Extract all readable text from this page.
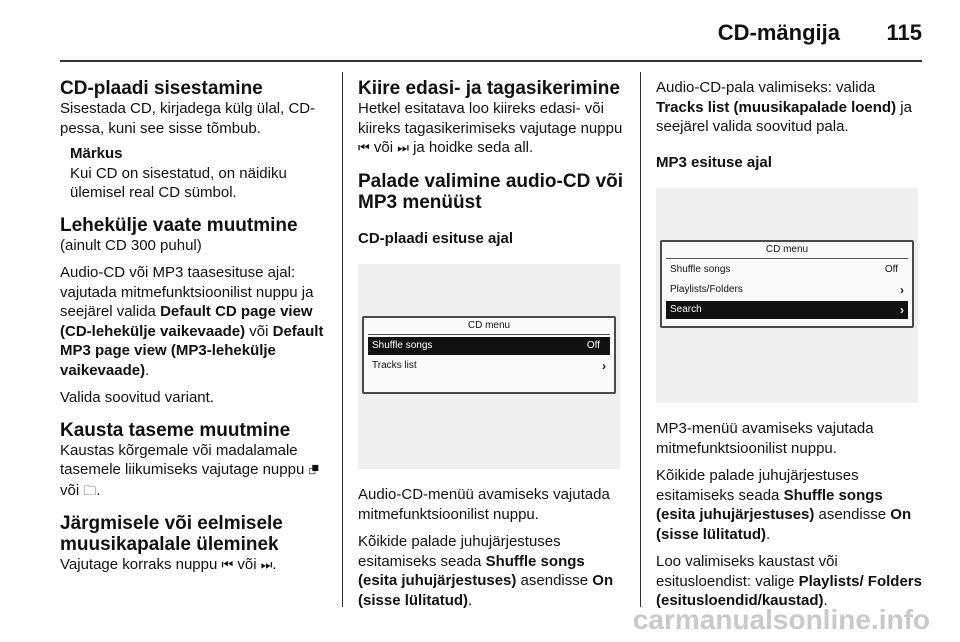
CD-mängija 115
CD-plaadi sisestamine

Sisestada CD, kirjadega külg ülal, CD-pessa, kuni see sisse tõmbub.

Märkus
Kui CD on sisestatud, on näidiku ülemisel real CD sümbol.
Lehekülje vaate muutmine

(ainult CD 300 puhul)

Audio-CD või MP3 taasesituse ajal: vajutada mitmefunktsioonilist nuppu ja seejärel valida Default CD page view (CD-lehekülje vaikevaade) või Default MP3 page view (MP3-lehekülje vaikevaade).

Valida soovitud variant.

Kausta taseme muutmine

Kaustas kõrgemale või madalamale tasemele liikumiseks vajutage nuppu ⮻ või 🗀.

Järgmisele või eelmisele muusikapalale üleminek

Vajutage korraks nuppu ⏮ või ⏭.

Kiire edasi- ja tagasikerimine

Hetkel esitatava loo kiireks edasi- või kiireks tagasikerimiseks vajutage nuppu ⏮ või ⏭ ja hoidke seda all.

Palade valimine audio-CD või MP3 menüüst
CD-plaadi esituse ajal
CD menu
Shuffle songs	Off
Tracks list	›

Audio-CD-menüü avamiseks vajutada mitmefunktsioonilist nuppu.

Kõikide palade juhujärjestuses esitamiseks seada Shuffle songs (esita juhujärjestuses) asendisse On (sisse lülitatud).

Audio-CD-pala valimiseks: valida Tracks list (muusikapalade loend) ja seejärel valida soovitud pala.

MP3 esituse ajal
CD menu
Shuffle songs	Off
Playlists/Folders	›
Search	›

MP3-menüü avamiseks vajutada mitmefunktsioonilist nuppu.

Kõikide palade juhujärjestuses esitamiseks seada Shuffle songs (esita juhujärjestuses) asendisse On (sisse lülitatud).

Loo valimiseks kaustast või esitusloendist: valige Playlists/ Folders (esitusloendid/kaustad).

carmanualsonline.info
